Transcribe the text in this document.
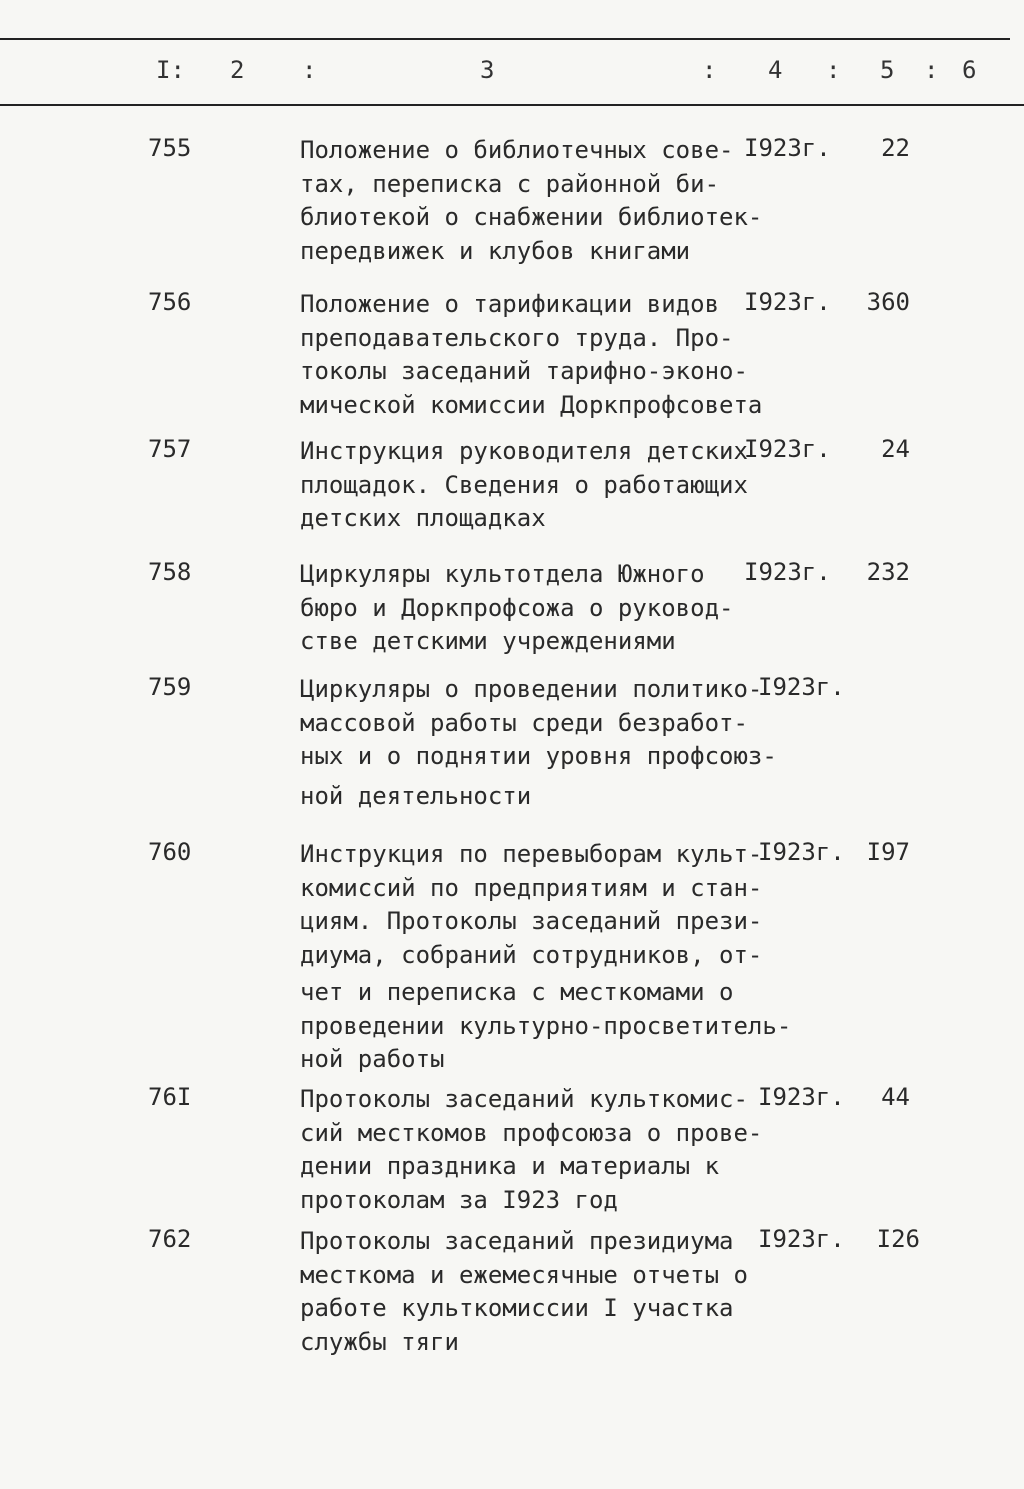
I: 2 :	3	: 4 : 5 : 6
755	Положение о библиотечных сове-
тах, переписка с районной би-
блиотекой о снабжении библиотек-
передвижек и клубов книгами
I923г.	22
756	Положение о тарификации видов
преподавательского труда. Про-
токолы заседаний тарифно-эконо-
мической комиссии Доркпрофсовета
I923г.	360
757	Инструкция руководителя детских
площадок. Сведения о работающих
детских площадках
I923г.	24
758	Циркуляры культотдела Южного
бюро и Доркпрофсожа о руковод-
стве детскими учреждениями
I923г.	232
759	Циркуляры о проведении политико-
массовой работы среди безработ-
ных и о поднятии уровня профсоюз-
ной деятельности
I923г.
760	Инструкция по перевыборам культ-
комиссий по предприятиям и стан-
циям. Протоколы заседаний прези-
диума, собраний сотрудников, от-
чет и переписка с месткомами о
проведении культурно-просветитель-
ной работы
I923г. I97
76I	Протоколы заседаний культкомис-
сий месткомов профсоюза о прове-
дении праздника и материалы к
протоколам за I923 год
I923г.	44
762	Протоколы заседаний президиума
месткома и ежемесячные отчеты о
работе культкомиссии I участка
службы тяги
I923г.	I26
